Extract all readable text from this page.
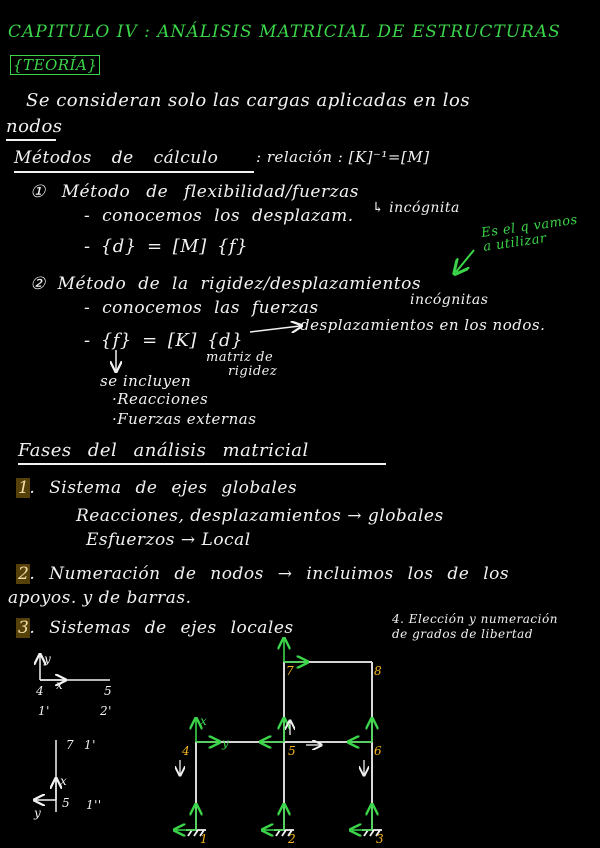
CAPITULO IV : ANÁLISIS MATRICIAL DE ESTRUCTURAS
{TEORÍA}
Se consideran solo las cargas aplicadas en los
nodos
Métodos de cálculo	: relación : [K]⁻¹=[M]
① Método de flexibilidad/fuerzas
- conocemos los desplazam. ↳ incógnita
- {d} = [M] {f}
Es el q vamos a utilizar
② Método de la rigidez/desplazamientos
- conocemos las fuerzas	incógnitas
- {f} = [K] {d}
desplazamientos en los nodos.
matriz de
rigidez
se incluyen
·Reacciones
·Fuerzas externas
Fases del análisis matricial
1. Sistema de ejes globales
Reacciones, desplazamientos → globales
Esfuerzos → Local
2. Numeración de nodos → incluimos los de los
apoyos. y de barras.
3. Sistemas de ejes locales	4. Elección y numeración
de grados de libertad
y
x
4	5
1'	2'
7 1'
y
x
5 1''
1	2	3
4	5	6
7	8
x
y
